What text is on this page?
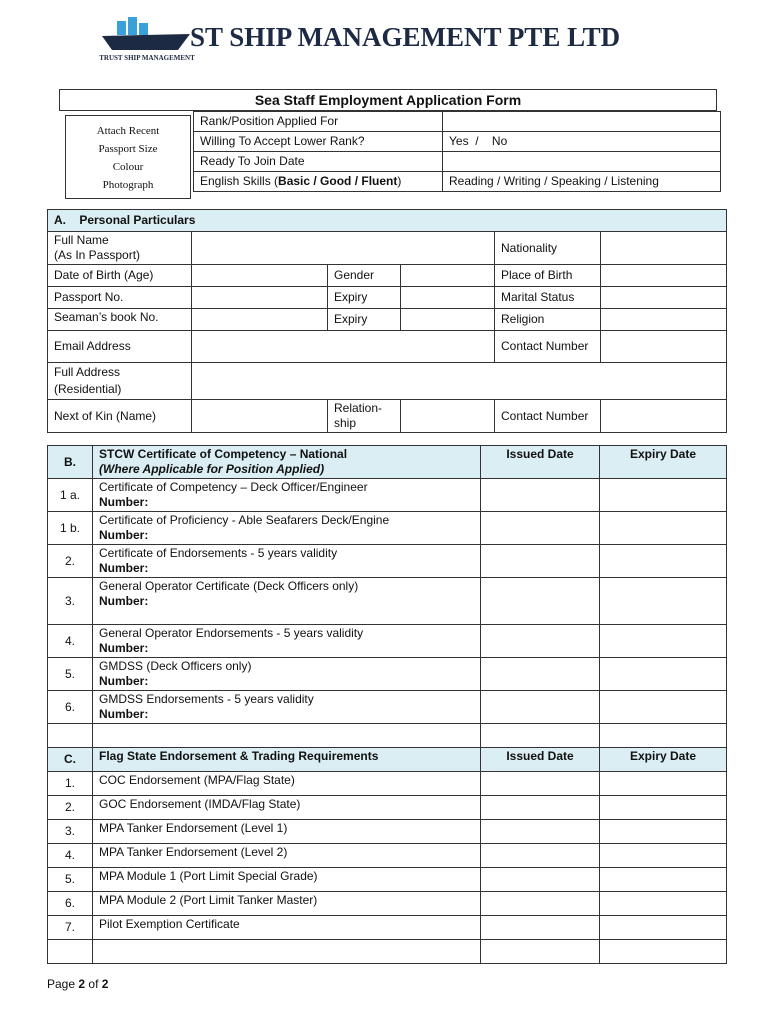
TRUST SHIP MANAGEMENT
ST SHIP MANAGEMENT PTE LTD
Sea Staff Employment Application Form
Attach Recent
Passport Size
Colour
Photograph
Rank/Position Applied For	
Willing To Accept Lower Rank?	Yes  /    No
Ready To Join Date	
English Skills (Basic / Good / Fluent)	Reading / Writing / Speaking / Listening
A.    Personal Particulars					

Full Name
(As In Passport)				Nationality	
Date of Birth (Age)		Gender		Place of Birth	
Passport No.		Expiry		Marital Status	
Seaman’s book No.		Expiry		Religion	
Email Address				Contact Number	

Full Address
(Residential)					

Next of Kin (Name)		Relation-
ship		Contact Number	
B.	STCW Certificate of Competency – National
(Where Applicable for Position Applied)	Issued Date	Expiry Date
1 a.	Certificate of Competency – Deck Officer/Engineer
Number:		

1 b.	Certificate of Proficiency - Able Seafarers Deck/Engine
Number:		

2.	Certificate of Endorsements - 5 years validity
Number:		

3.	General Operator Certificate (Deck Officers only)
Number:		

4.	General Operator Endorsements - 5 years validity
Number:		

5.	GMDSS (Deck Officers only)
Number:		

6.	GMDSS Endorsements - 5 years validity
Number:		

C.	Flag State Endorsement & Trading Requirements	Issued Date	Expiry Date
1.	COC Endorsement (MPA/Flag State)		
2.	GOC Endorsement (IMDA/Flag State)		
3.	MPA Tanker Endorsement (Level 1)		
4.	MPA Tanker Endorsement (Level 2)		
5.	MPA Module 1 (Port Limit Special Grade)		
6.	MPA Module 2 (Port Limit Tanker Master)		
7.	Pilot Exemption Certificate		

Page 2 of 2
